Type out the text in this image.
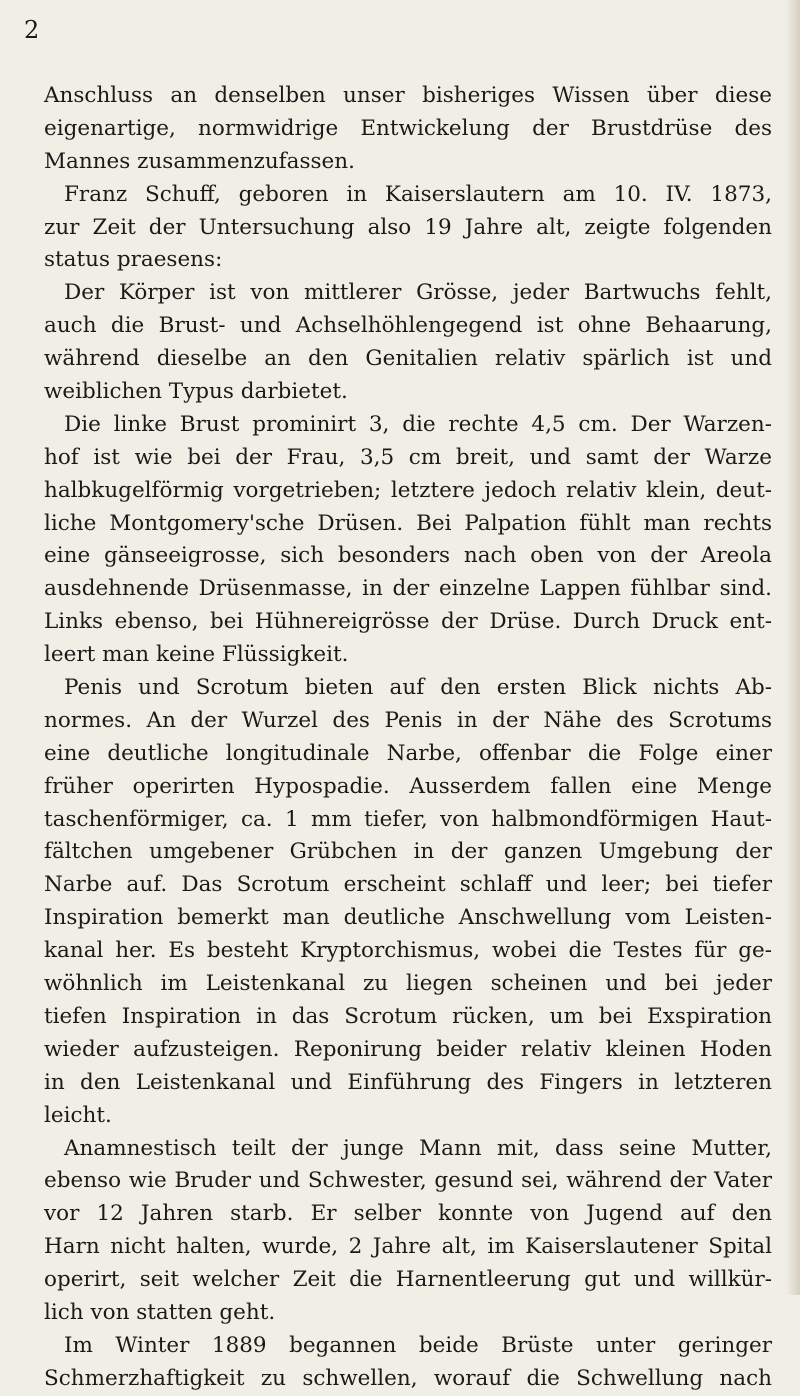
2
Anschluss an denselben unser bisheriges Wissen über diese
eigenartige, normwidrige Entwickelung der Brustdrüse des
Mannes zusammenzufassen.
Franz Schuff, geboren in Kaiserslautern am 10. IV. 1873,
zur Zeit der Untersuchung also 19 Jahre alt, zeigte folgenden
status praesens:
Der Körper ist von mittlerer Grösse, jeder Bartwuchs fehlt,
auch die Brust- und Achselhöhlengegend ist ohne Behaarung,
während dieselbe an den Genitalien relativ spärlich ist und
weiblichen Typus darbietet.
Die linke Brust prominirt 3, die rechte 4,5 cm. Der Warzen-
hof ist wie bei der Frau, 3,5 cm breit, und samt der Warze
halbkugelförmig vorgetrieben; letztere jedoch relativ klein, deut-
liche Montgomery'sche Drüsen. Bei Palpation fühlt man rechts
eine gänseeigrosse, sich besonders nach oben von der Areola
ausdehnende Drüsenmasse, in der einzelne Lappen fühlbar sind.
Links ebenso, bei Hühnereigrösse der Drüse. Durch Druck ent-
leert man keine Flüssigkeit.
Penis und Scrotum bieten auf den ersten Blick nichts Ab-
normes. An der Wurzel des Penis in der Nähe des Scrotums
eine deutliche longitudinale Narbe, offenbar die Folge einer
früher operirten Hypospadie. Ausserdem fallen eine Menge
taschenförmiger, ca. 1 mm tiefer, von halbmondförmigen Haut-
fältchen umgebener Grübchen in der ganzen Umgebung der
Narbe auf. Das Scrotum erscheint schlaff und leer; bei tiefer
Inspiration bemerkt man deutliche Anschwellung vom Leisten-
kanal her. Es besteht Kryptorchismus, wobei die Testes für ge-
wöhnlich im Leistenkanal zu liegen scheinen und bei jeder
tiefen Inspiration in das Scrotum rücken, um bei Exspiration
wieder aufzusteigen. Reponirung beider relativ kleinen Hoden
in den Leistenkanal und Einführung des Fingers in letzteren
leicht.
Anamnestisch teilt der junge Mann mit, dass seine Mutter,
ebenso wie Bruder und Schwester, gesund sei, während der Vater
vor 12 Jahren starb. Er selber konnte von Jugend auf den
Harn nicht halten, wurde, 2 Jahre alt, im Kaiserslautener Spital
operirt, seit welcher Zeit die Harnentleerung gut und willkür-
lich von statten geht.
Im Winter 1889 begannen beide Brüste unter geringer
Schmerzhaftigkeit zu schwellen, worauf die Schwellung nach
